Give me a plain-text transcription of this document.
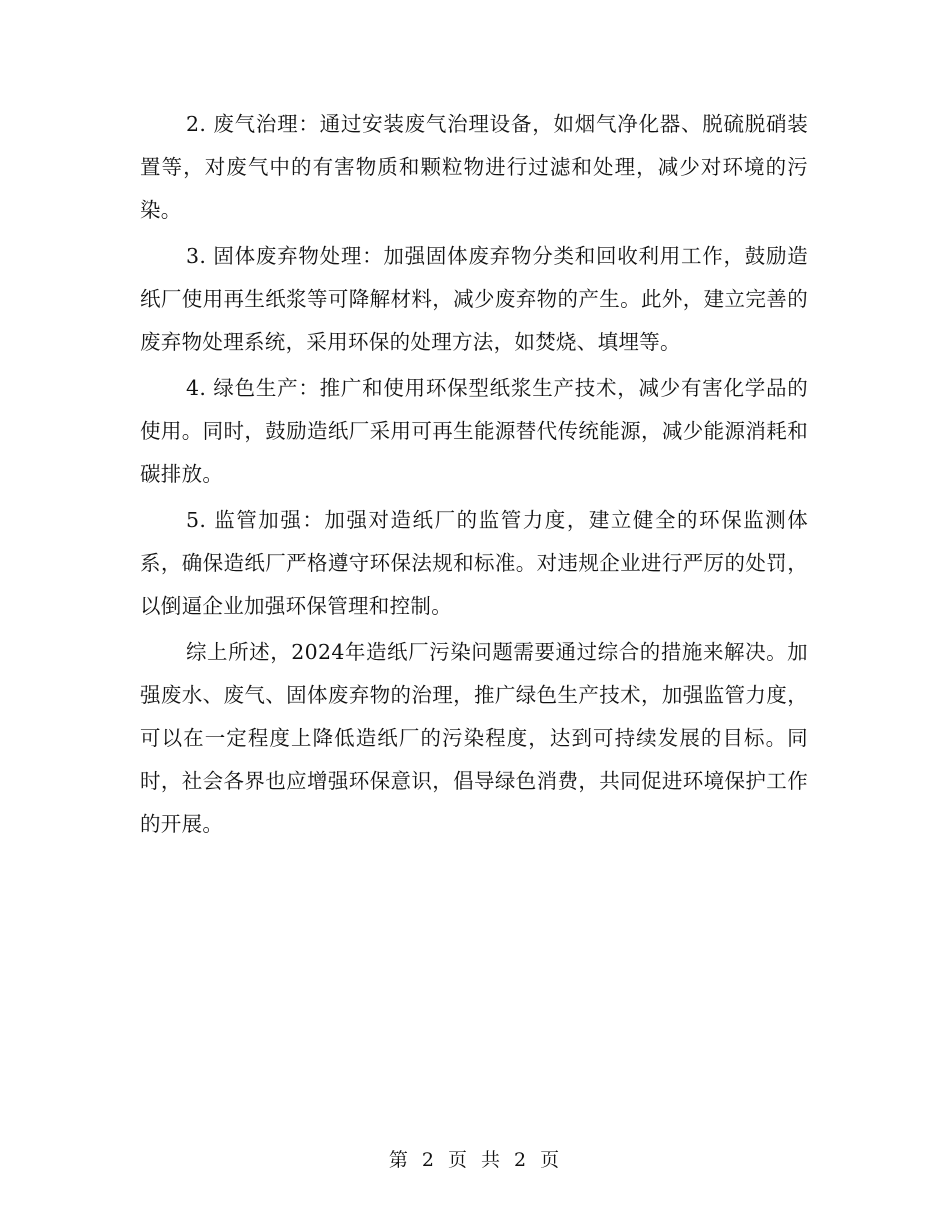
2. 废气治理：通过安装废气治理设备，如烟气净化器、脱硫脱硝装置等，对废气中的有害物质和颗粒物进行过滤和处理，减少对环境的污染。

3. 固体废弃物处理：加强固体废弃物分类和回收利用工作，鼓励造纸厂使用再生纸浆等可降解材料，减少废弃物的产生。此外，建立完善的废弃物处理系统，采用环保的处理方法，如焚烧、填埋等。

4. 绿色生产：推广和使用环保型纸浆生产技术，减少有害化学品的使用。同时，鼓励造纸厂采用可再生能源替代传统能源，减少能源消耗和碳排放。

5. 监管加强：加强对造纸厂的监管力度，建立健全的环保监测体系，确保造纸厂严格遵守环保法规和标准。对违规企业进行严厉的处罚，以倒逼企业加强环保管理和控制。

综上所述，2024年造纸厂污染问题需要通过综合的措施来解决。加强废水、废气、固体废弃物的治理，推广绿色生产技术，加强监管力度，可以在一定程度上降低造纸厂的污染程度，达到可持续发展的目标。同时，社会各界也应增强环保意识，倡导绿色消费，共同促进环境保护工作的开展。

第 2 页 共 2 页
